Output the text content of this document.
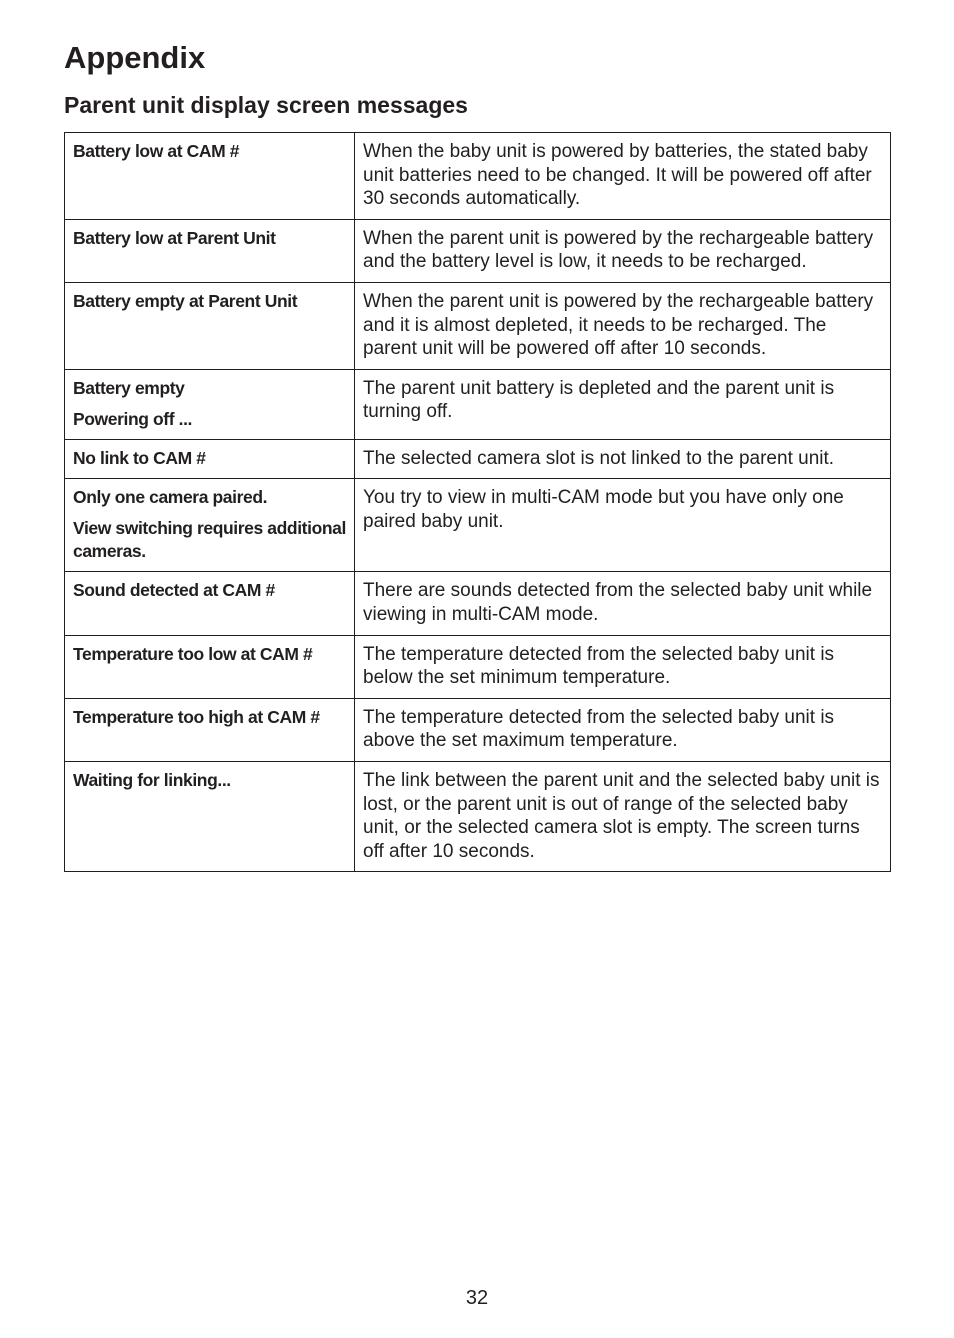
Appendix
Parent unit display screen messages
Battery low at CAM #	When the baby unit is powered by batteries, the stated baby unit batteries need to be changed. It will be powered off after 30 seconds automatically.

Battery low at Parent Unit	When the parent unit is powered by the rechargeable battery and the battery level is low, it needs to be recharged.

Battery empty at Parent Unit	When the parent unit is powered by the rechargeable battery and it is almost depleted, it needs to be recharged. The parent unit will be powered off after 10 seconds.

Battery empty
Powering off ...	The parent unit battery is depleted and the parent unit is turning off.

No link to CAM #	The selected camera slot is not linked to the parent unit.

Only one camera paired.
View switching requires additional cameras.	You try to view in multi-CAM mode but you have only one paired baby unit.

Sound detected at CAM #	There are sounds detected from the selected baby unit while viewing in multi-CAM mode.

Temperature too low at CAM #	The temperature detected from the selected baby unit is below the set minimum temperature.

Temperature too high at CAM #	The temperature detected from the selected baby unit is above the set maximum temperature.

Waiting for linking...	The link between the parent unit and the selected baby unit is lost, or the parent unit is out of range of the selected baby unit, or the selected camera slot is empty. The screen turns off after 10 seconds.
32
